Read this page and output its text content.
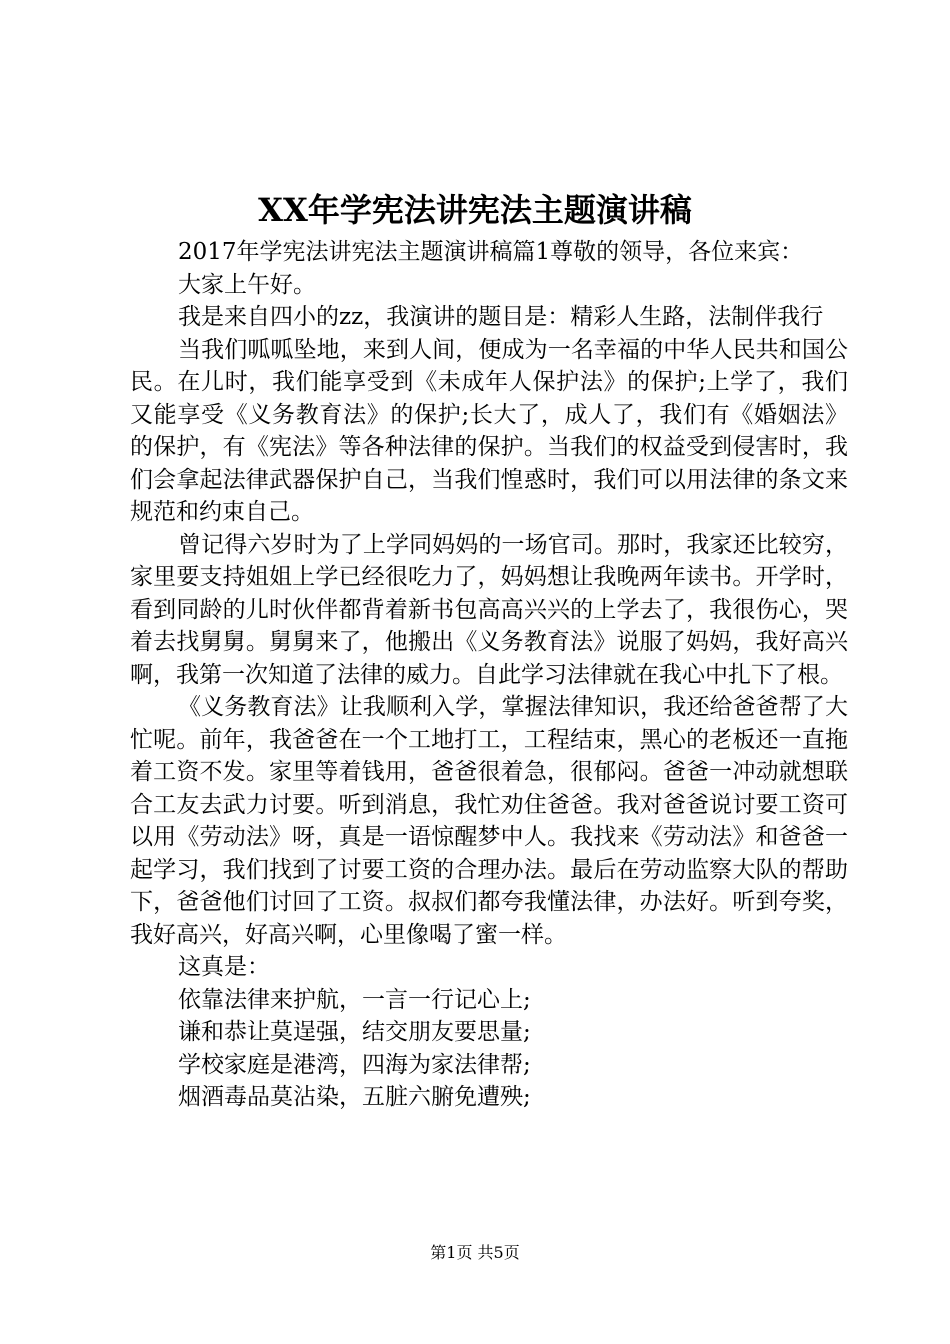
XX年学宪法讲宪法主题演讲稿

2017年学宪法讲宪法主题演讲稿篇1尊敬的领导，各位来宾：

大家上午好。

我是来自四小的zz，我演讲的题目是：精彩人生路，法制伴我行

当我们呱呱坠地，来到人间，便成为一名幸福的中华人民共和国公民。在儿时，我们能享受到《未成年人保护法》的保护;上学了，我们又能享受《义务教育法》的保护;长大了，成人了，我们有《婚姻法》的保护，有《宪法》等各种法律的保护。当我们的权益受到侵害时，我们会拿起法律武器保护自己，当我们惶惑时，我们可以用法律的条文来规范和约束自己。

曾记得六岁时为了上学同妈妈的一场官司。那时，我家还比较穷，家里要支持姐姐上学已经很吃力了，妈妈想让我晚两年读书。开学时，看到同龄的儿时伙伴都背着新书包高高兴兴的上学去了，我很伤心，哭着去找舅舅。舅舅来了，他搬出《义务教育法》说服了妈妈，我好高兴啊，我第一次知道了法律的威力。自此学习法律就在我心中扎下了根。

《义务教育法》让我顺利入学，掌握法律知识，我还给爸爸帮了大忙呢。前年，我爸爸在一个工地打工，工程结束，黑心的老板还一直拖着工资不发。家里等着钱用，爸爸很着急，很郁闷。爸爸一冲动就想联合工友去武力讨要。听到消息，我忙劝住爸爸。我对爸爸说讨要工资可以用《劳动法》呀，真是一语惊醒梦中人。我找来《劳动法》和爸爸一起学习，我们找到了讨要工资的合理办法。最后在劳动监察大队的帮助下，爸爸他们讨回了工资。叔叔们都夸我懂法律，办法好。听到夸奖，我好高兴，好高兴啊，心里像喝了蜜一样。

这真是：

依靠法律来护航，一言一行记心上;

谦和恭让莫逞强，结交朋友要思量;

学校家庭是港湾，四海为家法律帮;

烟酒毒品莫沾染，五脏六腑免遭殃;

第1页 共5页
